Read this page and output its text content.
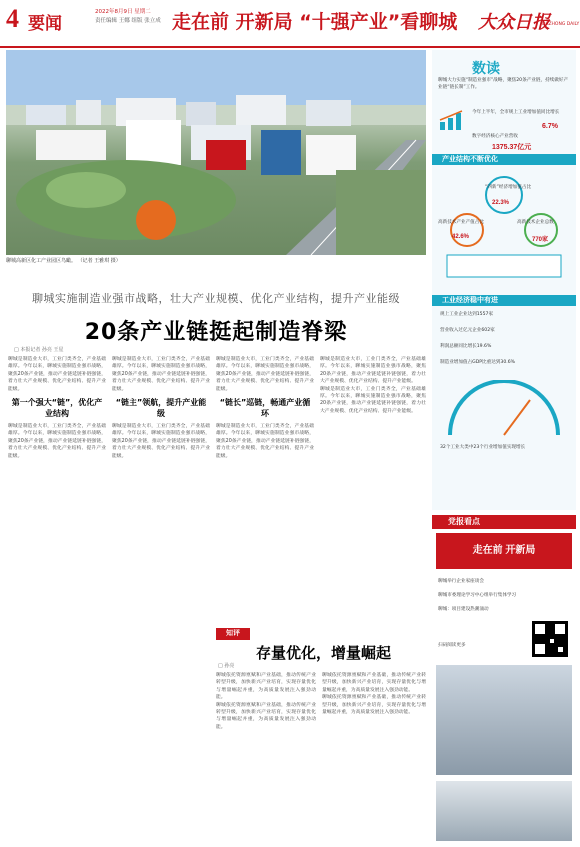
4 要闻
2022年8月9日 星期二
责任编辑 王娜 组版 张立成 走在前 开新局 “十强产业”看聊城 大众日报
DAZHONG DAILY
聊城高新区化工产业园区鸟瞰。 （记者 王雅琪 摄）
聊城实施制造业强市战略，壮大产业规模、优化产业结构，提升产业能级
20条产业链挺起制造脊梁
□ 本报记者 孙亮 王星
聊城是制造业大市，工业门类齐全，产业基础雄厚。今年以来，聊城实施制造业强市战略，聚焦20条产业链，推动产业链延链补链强链，着力壮大产业规模、优化产业结构、提升产业能级。
第一个强大“链”，优化产业结构
聊城是制造业大市，工业门类齐全，产业基础雄厚。今年以来，聊城实施制造业强市战略，聚焦20条产业链，推动产业链延链补链强链，着力壮大产业规模、优化产业结构、提升产业能级。
聊城是制造业大市，工业门类齐全，产业基础雄厚。今年以来，聊城实施制造业强市战略，聚焦20条产业链，推动产业链延链补链强链，着力壮大产业规模、优化产业结构、提升产业能级。
“链主”领航，提升产业能级
聊城是制造业大市，工业门类齐全，产业基础雄厚。今年以来，聊城实施制造业强市战略，聚焦20条产业链，推动产业链延链补链强链，着力壮大产业规模、优化产业结构、提升产业能级。
聊城是制造业大市，工业门类齐全，产业基础雄厚。今年以来，聊城实施制造业强市战略，聚焦20条产业链，推动产业链延链补链强链，着力壮大产业规模、优化产业结构、提升产业能级。
“链长”巡链，畅通产业循环
聊城是制造业大市，工业门类齐全，产业基础雄厚。今年以来，聊城实施制造业强市战略，聚焦20条产业链，推动产业链延链补链强链，着力壮大产业规模、优化产业结构、提升产业能级。
聊城是制造业大市，工业门类齐全，产业基础雄厚。今年以来，聊城实施制造业强市战略，聚焦20条产业链，推动产业链延链补链强链，着力壮大产业规模、优化产业结构、提升产业能级。
聊城是制造业大市，工业门类齐全，产业基础雄厚。今年以来，聊城实施制造业强市战略，聚焦20条产业链，推动产业链延链补链强链，着力壮大产业规模、优化产业结构、提升产业能级。
数读
聊城大力实施“制造业强市”战略，聚焦20条产业链，持续做好产业链“链长制”工作。
今年上半年，全市规上工业增加值同比增长
6.7%
数字经济核心产业营收
1375.37亿元
产业结构不断优化
“四新”经济增加值占比
22.3%
高新技术产业产值占比
42.6%
高新技术企业总数
770家
工业经济稳中有进
规上工业企业达到1557家
营业收入过亿元企业602家
利润总额同比增长19.6%
制造业增加值占GDP比重达到30.6%
32个工业大类中23个行业增加值实现增长
知评
存量优化，增量崛起
□ 孙亮
聊城依托资源禀赋和产业基础，推动传统产业转型升级，加快新兴产业培育，实现存量优化与增量崛起并重，为高质量发展注入强劲动能。
聊城依托资源禀赋和产业基础，推动传统产业转型升级，加快新兴产业培育，实现存量优化与增量崛起并重，为高质量发展注入强劲动能。
聊城依托资源禀赋和产业基础，推动传统产业转型升级，加快新兴产业培育，实现存量优化与增量崛起并重，为高质量发展注入强劲动能。
聊城依托资源禀赋和产业基础，推动传统产业转型升级，加快新兴产业培育，实现存量优化与增量崛起并重，为高质量发展注入强劲动能。
党报看点
走在前 开新局
聊城举行企业家座谈会
聊城市委理论学习中心组举行集体学习
聊城：项目建设热潮涌动
扫码阅读更多
